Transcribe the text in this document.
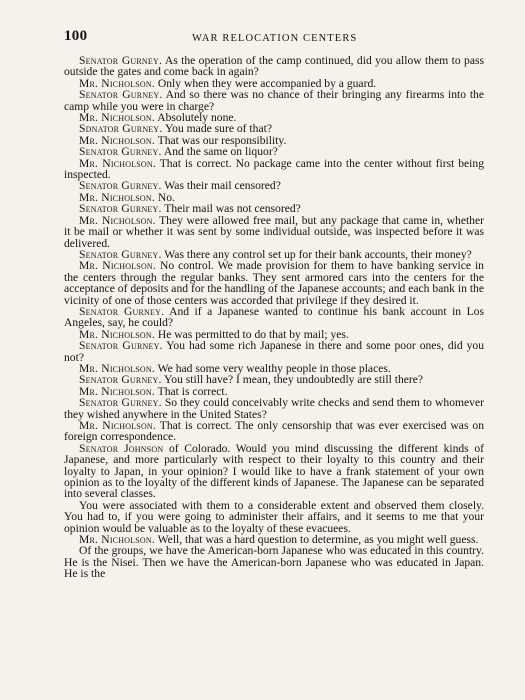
100	WAR RELOCATION CENTERS

Senator Gurney. As the operation of the camp continued, did you allow them to pass outside the gates and come back in again?

Mr. Nicholson. Only when they were accompanied by a guard.

Senator Gurney. And so there was no chance of their bringing any firearms into the camp while you were in charge?

Mr. Nicholson. Absolutely none.

Sdnator Gurney. You made sure of that?

Mr. Nicholson. That was our responsibility.

Senator Gurney. And the same on liquor?

Mr. Nicholson. That is correct. No package came into the center without first being inspected.

Senator Gurney. Was their mail censored?

Mr. Nicholson. No.

Senator Gurney. Their mail was not censored?

Mr. Nicholson. They were allowed free mail, but any package that came in, whether it be mail or whether it was sent by some individual outside, was inspected before it was delivered.

Senator Gurney. Was there any control set up for their bank accounts, their money?

Mr. Nicholson. No control. We made provision for them to have banking service in the centers through the regular banks. They sent armored cars into the centers for the acceptance of deposits and for the handling of the Japanese accounts; and each bank in the vicinity of one of those centers was accorded that privilege if they desired it.

Senator Gurney. And if a Japanese wanted to continue his bank account in Los Angeles, say, he could?

Mr. Nicholson. He was permitted to do that by mail; yes.

Senator Gurney. You had some rich Japanese in there and some poor ones, did you not?

Mr. Nicholson. We had some very wealthy people in those places.

Senator Gurney. You still have? I mean, they undoubtedly are still there?

Mr. Nicholson. That is correct.

Senator Gurney. So they could conceivably write checks and send them to whomever they wished anywhere in the United States?

Mr. Nicholson. That is correct. The only censorship that was ever exercised was on foreign correspondence.

Senator Johnson of Colorado. Would you mind discussing the different kinds of Japanese, and more particularly with respect to their loyalty to this country and their loyalty to Japan, in your opinion? I would like to have a frank statement of your own opinion as to the loyalty of the different kinds of Japanese. The Japanese can be separated into several classes.

You were associated with them to a considerable extent and observed them closely. You had to, if you were going to administer their affairs, and it seems to me that your opinion would be valuable as to the loyalty of these evacuees.

Mr. Nicholson. Well, that was a hard question to determine, as you might well guess.

Of the groups, we have the American-born Japanese who was educated in this country. He is the Nisei. Then we have the American-born Japanese who was educated in Japan. He is the
